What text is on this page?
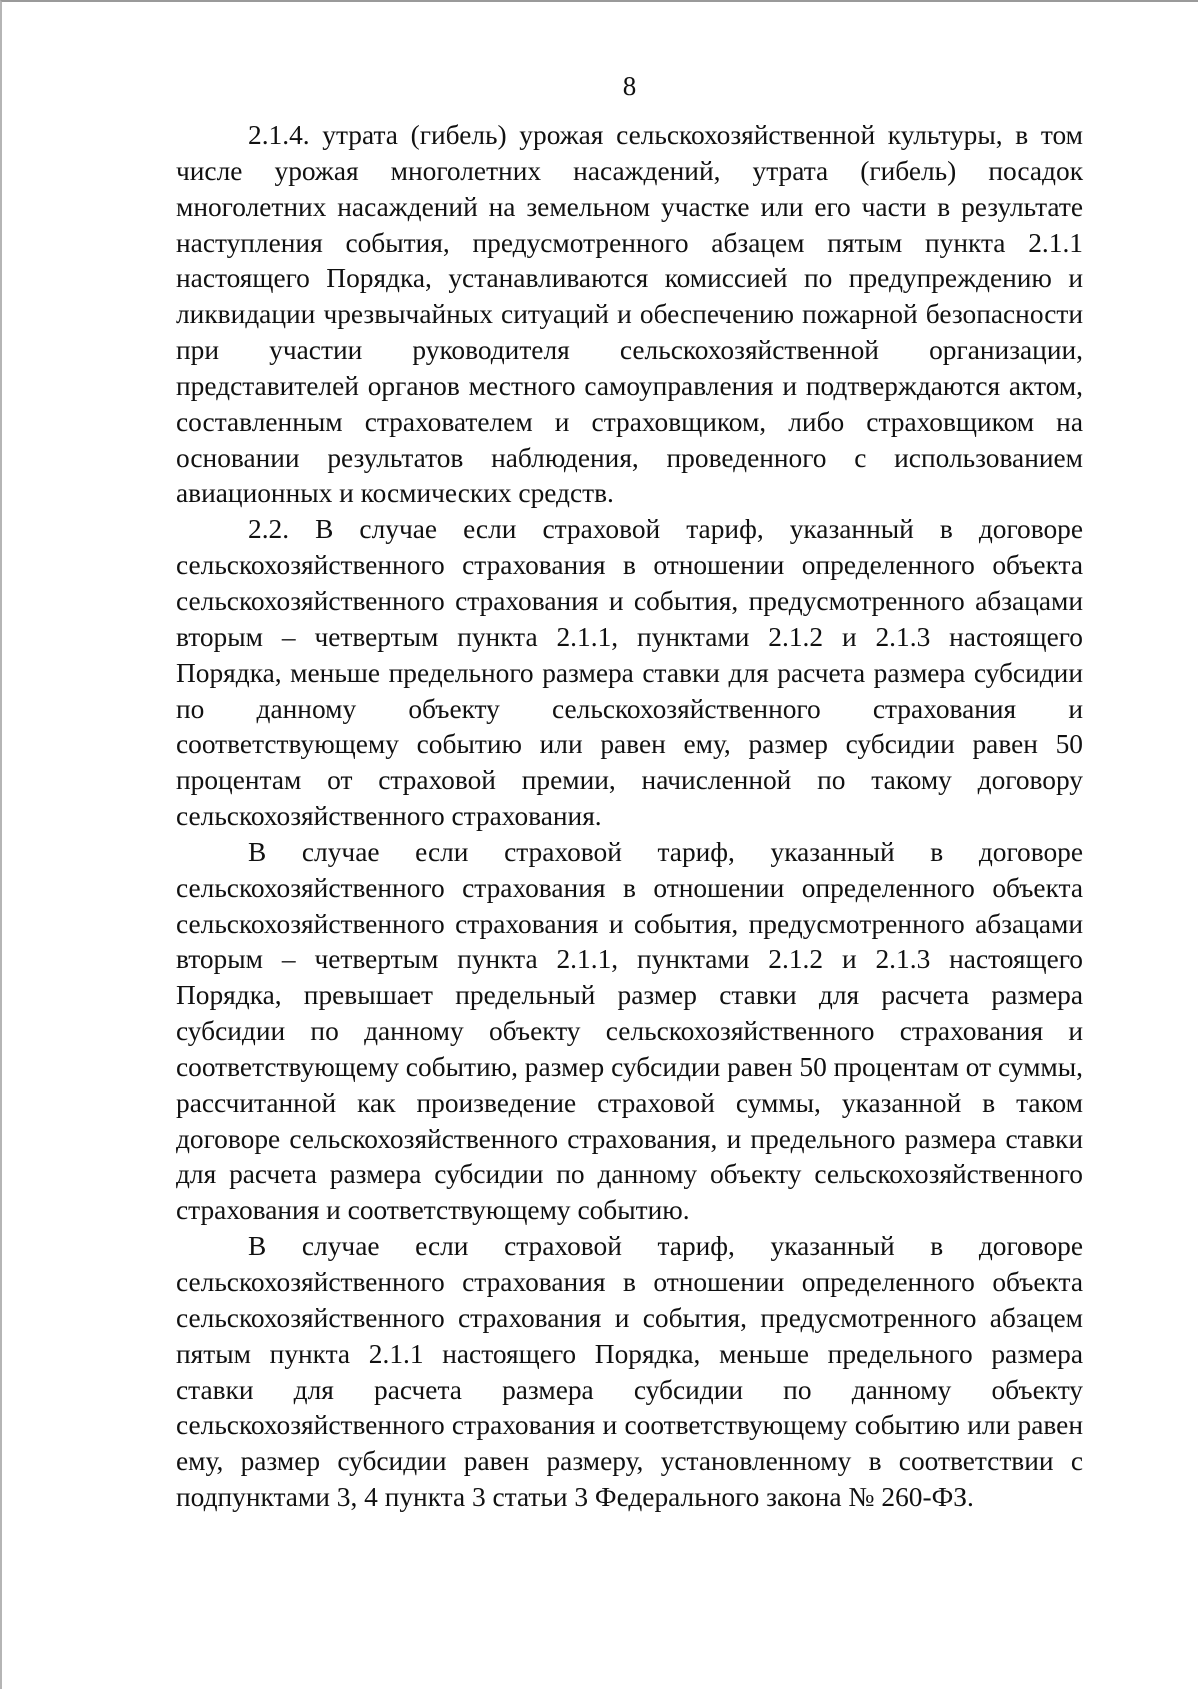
8

2.1.4. утрата (гибель) урожая сельскохозяйственной культуры, в том числе урожая многолетних насаждений, утрата (гибель) посадок многолетних насаждений на земельном участке или его части в результате наступления события, предусмотренного абзацем пятым пункта 2.1.1 настоящего Порядка, устанавливаются комиссией по предупреждению и ликвидации чрезвычайных ситуаций и обеспечению пожарной безопасности при участии руководителя сельскохозяйственной организации, представителей органов местного самоуправления и подтверждаются актом, составленным страхователем и страховщиком, либо страховщиком на основании результатов наблюдения, проведенного с использованием авиационных и космических средств.

2.2. В случае если страховой тариф, указанный в договоре сельскохозяйственного страхования в отношении определенного объекта сельскохозяйственного страхования и события, предусмотренного абзацами вторым – четвертым пункта 2.1.1, пунктами 2.1.2 и 2.1.3 настоящего Порядка, меньше предельного размера ставки для расчета размера субсидии по данному объекту сельскохозяйственного страхования и соответствующему событию или равен ему, размер субсидии равен 50 процентам от страховой премии, начисленной по такому договору сельскохозяйственного страхования.

В случае если страховой тариф, указанный в договоре сельскохозяйственного страхования в отношении определенного объекта сельскохозяйственного страхования и события, предусмотренного абзацами вторым – четвертым пункта 2.1.1, пунктами 2.1.2 и 2.1.3 настоящего Порядка, превышает предельный размер ставки для расчета размера субсидии по данному объекту сельскохозяйственного страхования и соответствующему событию, размер субсидии равен 50 процентам от суммы, рассчитанной как произведение страховой суммы, указанной в таком договоре сельскохозяйственного страхования, и предельного размера ставки для расчета размера субсидии по данному объекту сельскохозяйственного страхования и соответствующему событию.

В случае если страховой тариф, указанный в договоре сельскохозяйственного страхования в отношении определенного объекта сельскохозяйственного страхования и события, предусмотренного абзацем пятым пункта 2.1.1 настоящего Порядка, меньше предельного размера ставки для расчета размера субсидии по данному объекту сельскохозяйственного страхования и соответствующему событию или равен ему, размер субсидии равен размеру, установленному в соответствии с подпунктами 3, 4 пункта 3 статьи 3 Федерального закона № 260-ФЗ.
